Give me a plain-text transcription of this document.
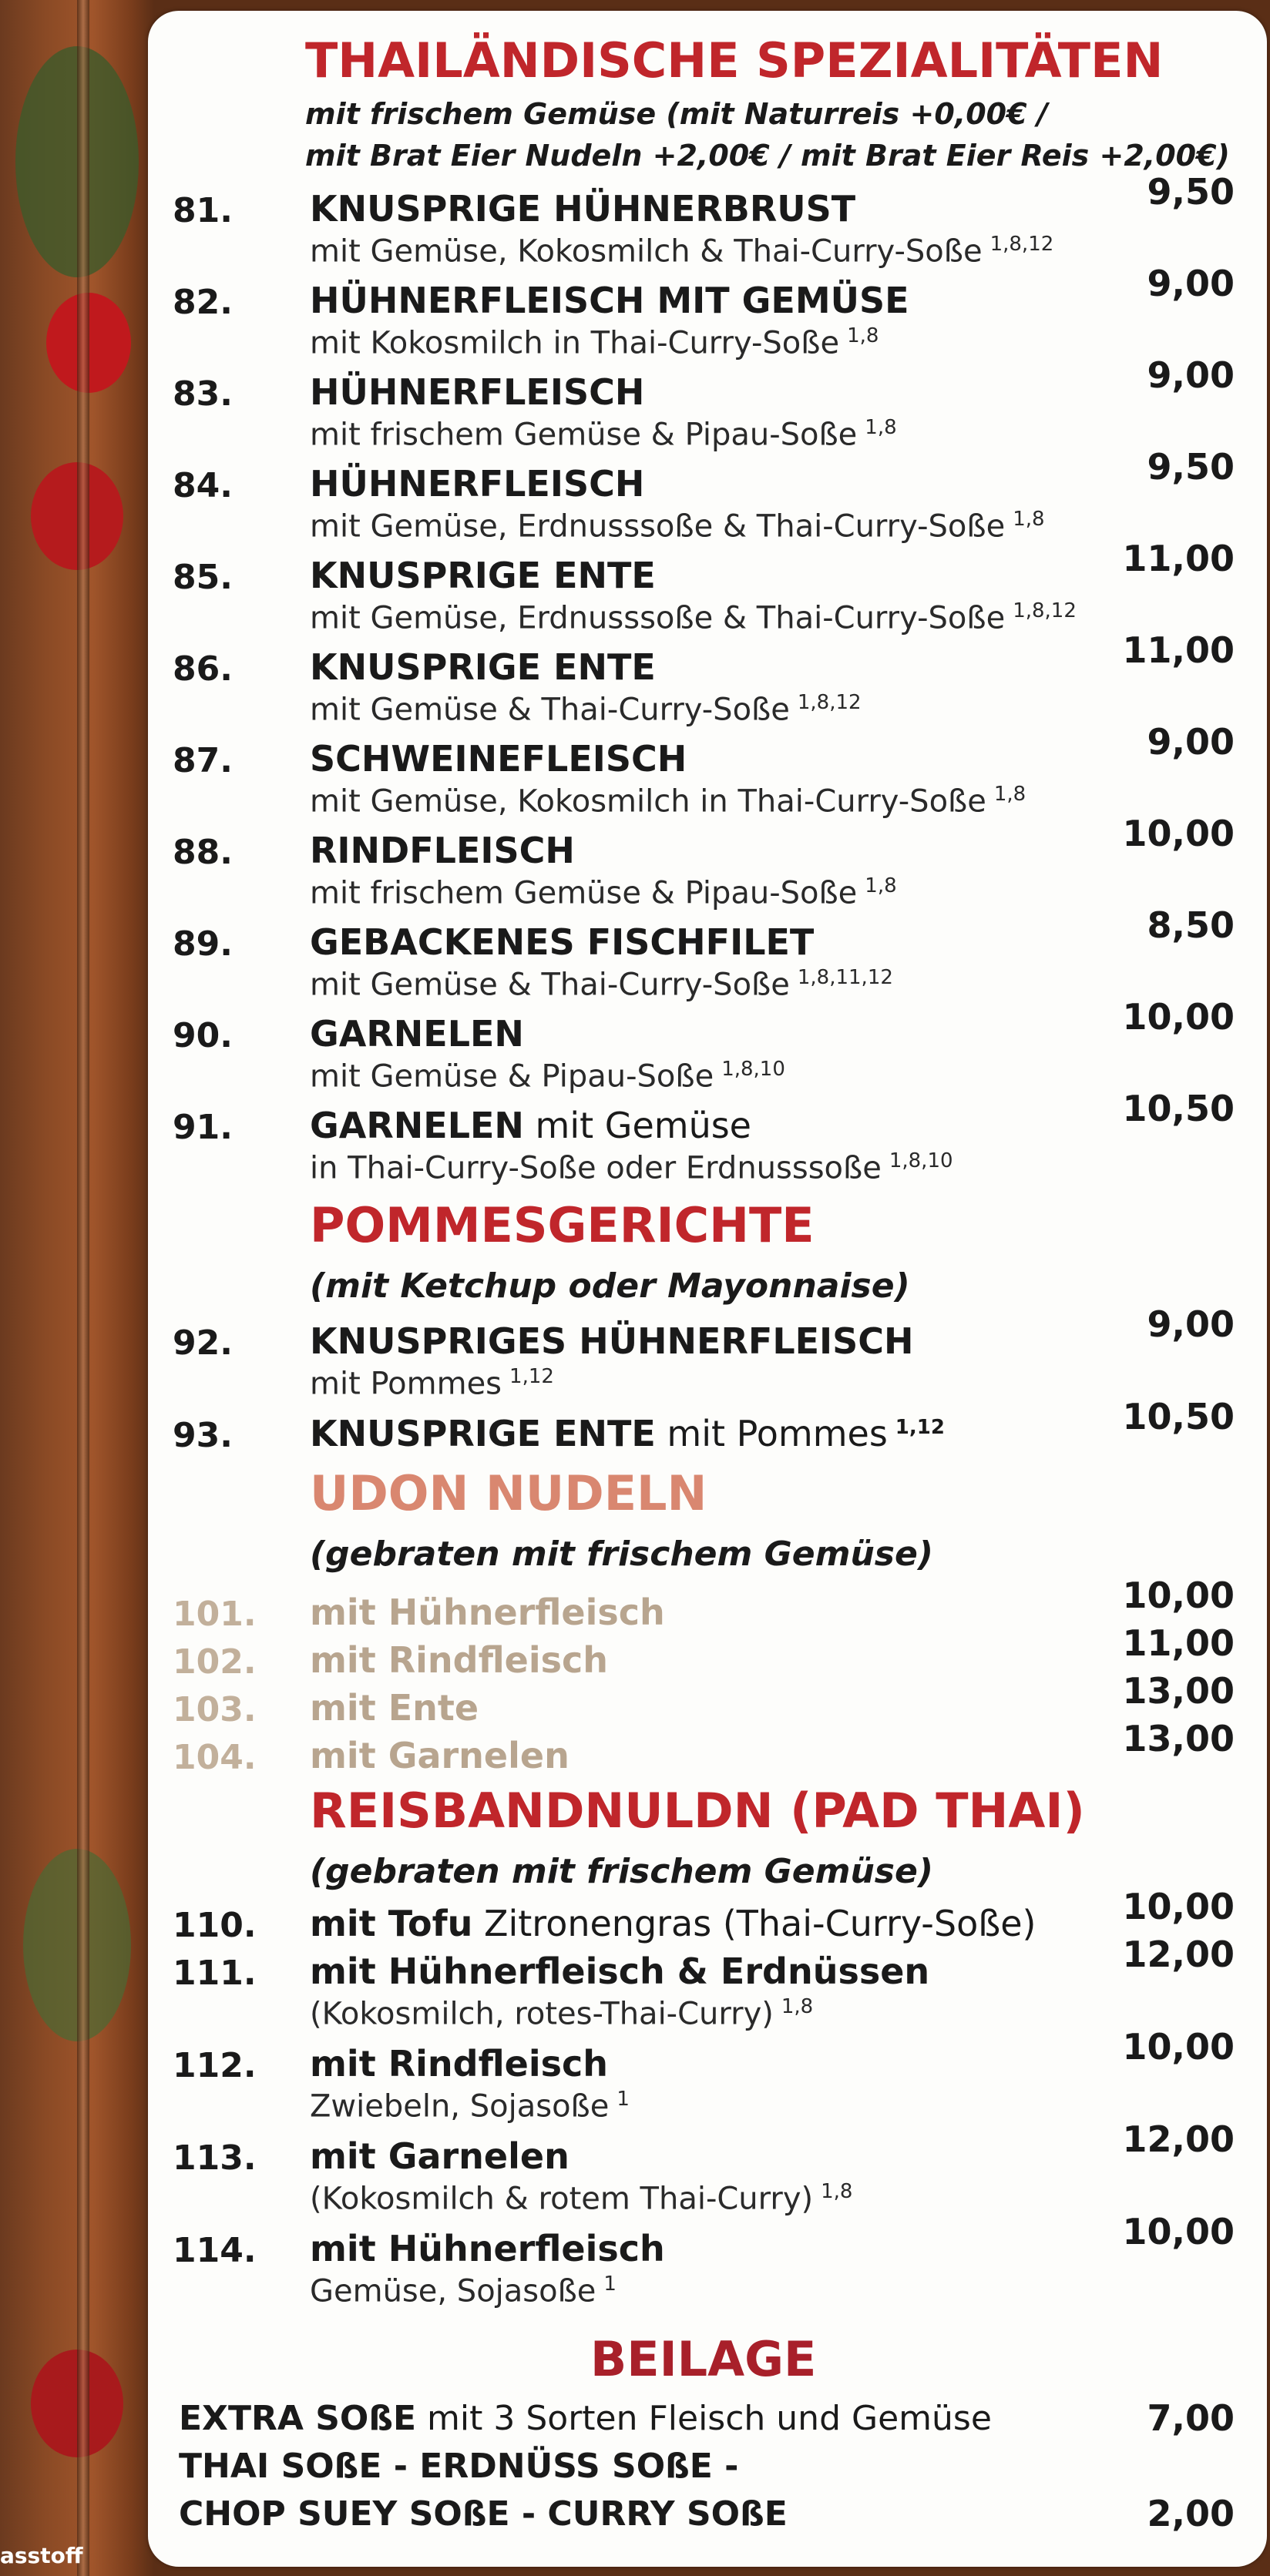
asstoff
THAILÄNDISCHE SPEZIALITÄTEN
mit frischem Gemüse (mit Naturreis +0,00€ /
mit Brat Eier Nudeln +2,00€ / mit Brat Eier Reis +2,00€)
81. KNUSPRIGE HÜHNERBRUST	9,50
mit Gemüse, Kokosmilch & Thai-Curry-Soße $^{1,8,12}$
82. HÜHNERFLEISCH MIT GEMÜSE	9,00
mit Kokosmilch in Thai-Curry-Soße $^{1,8}$
83. HÜHNERFLEISCH	9,00
mit frischem Gemüse & Pipau-Soße $^{1,8}$
84. HÜHNERFLEISCH	9,50
mit Gemüse, Erdnusssoße & Thai-Curry-Soße $^{1,8}$
85. KNUSPRIGE ENTE	11,00
mit Gemüse, Erdnusssoße & Thai-Curry-Soße $^{1,8,12}$
86. KNUSPRIGE ENTE	11,00
mit Gemüse & Thai-Curry-Soße $^{1,8,12}$
87. SCHWEINEFLEISCH	9,00
mit Gemüse, Kokosmilch in Thai-Curry-Soße $^{1,8}$
88. RINDFLEISCH	10,00
mit frischem Gemüse & Pipau-Soße $^{1,8}$
89. GEBACKENES FISCHFILET	8,50
mit Gemüse & Thai-Curry-Soße $^{1,8,11,12}$
90. GARNELEN	10,00
mit Gemüse & Pipau-Soße $^{1,8,10}$
91. GARNELEN mit Gemüse	10,50
in Thai-Curry-Soße oder Erdnusssoße $^{1,8,10}$
POMMESGERICHTE
(mit Ketchup oder Mayonnaise)
92. KNUSPRIGES HÜHNERFLEISCH	9,00
mit Pommes $^{1,12}$
93. KNUSPRIGE ENTE mit Pommes $^{1,12}$	10,50
UDON NUDELN
(gebraten mit frischem Gemüse)
101. mit Hühnerfleisch	10,00
102. mit Rindfleisch	11,00
103. mit Ente	13,00
104. mit Garnelen	13,00
REISBANDNULDN (PAD THAI)
(gebraten mit frischem Gemüse)
110. mit Tofu Zitronengras (Thai-Curry-Soße)	10,00
111. mit Hühnerfleisch & Erdnüssen	12,00
(Kokosmilch, rotes-Thai-Curry) $^{1,8}$
112. mit Rindfleisch	10,00
Zwiebeln, Sojasoße $^1$
113. mit Garnelen	12,00
(Kokosmilch & rotem Thai-Curry) $^{1,8}$
114. mit Hühnerfleisch	10,00
Gemüse, Sojasoße $^1$
BEILAGE
EXTRA SOßE mit 3 Sorten Fleisch und Gemüse	7,00
THAI SOßE - ERDNÜSS SOßE -
CHOP SUEY SOßE - CURRY SOßE	2,00
